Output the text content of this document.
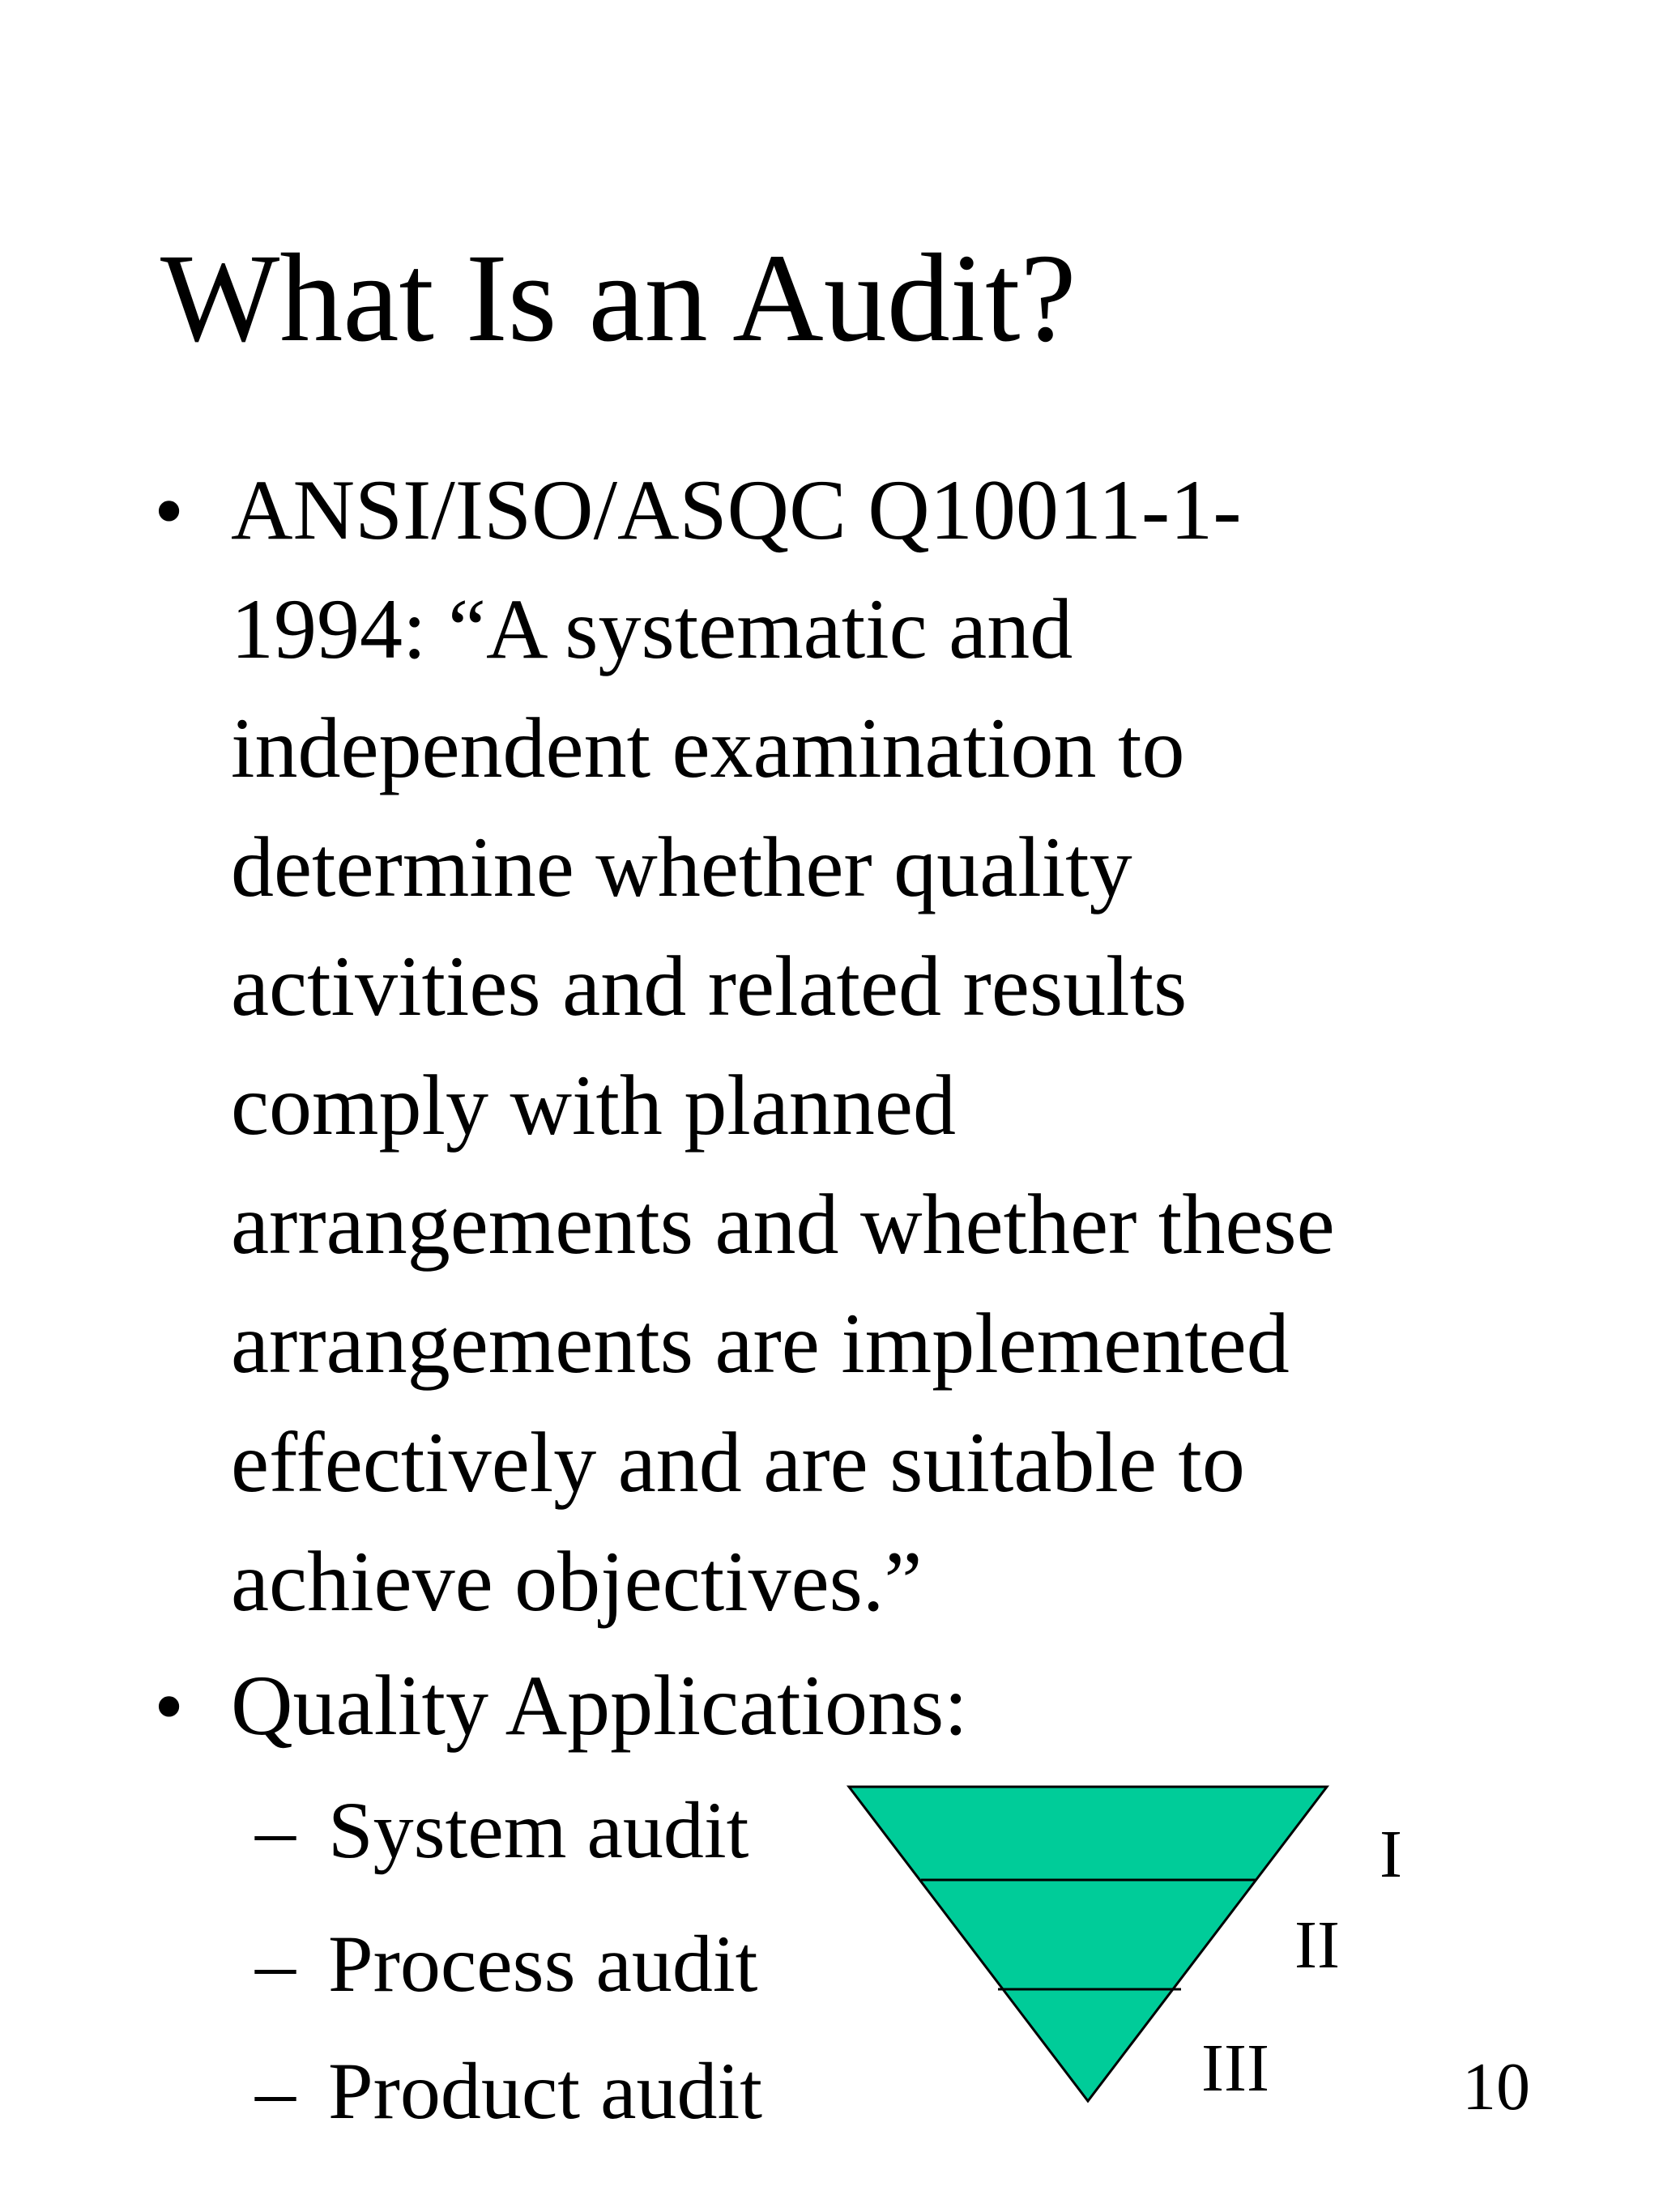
What Is an Audit?
• ANSI/ISO/ASQC Q10011-1-
1994: “A systematic and
independent examination to
determine whether quality
activities and related results
comply with planned
arrangements and whether these
arrangements are implemented
effectively and are suitable to
achieve objectives.”
• Quality Applications:
– System audit
– Process audit
– Product audit
I
II
III	10
